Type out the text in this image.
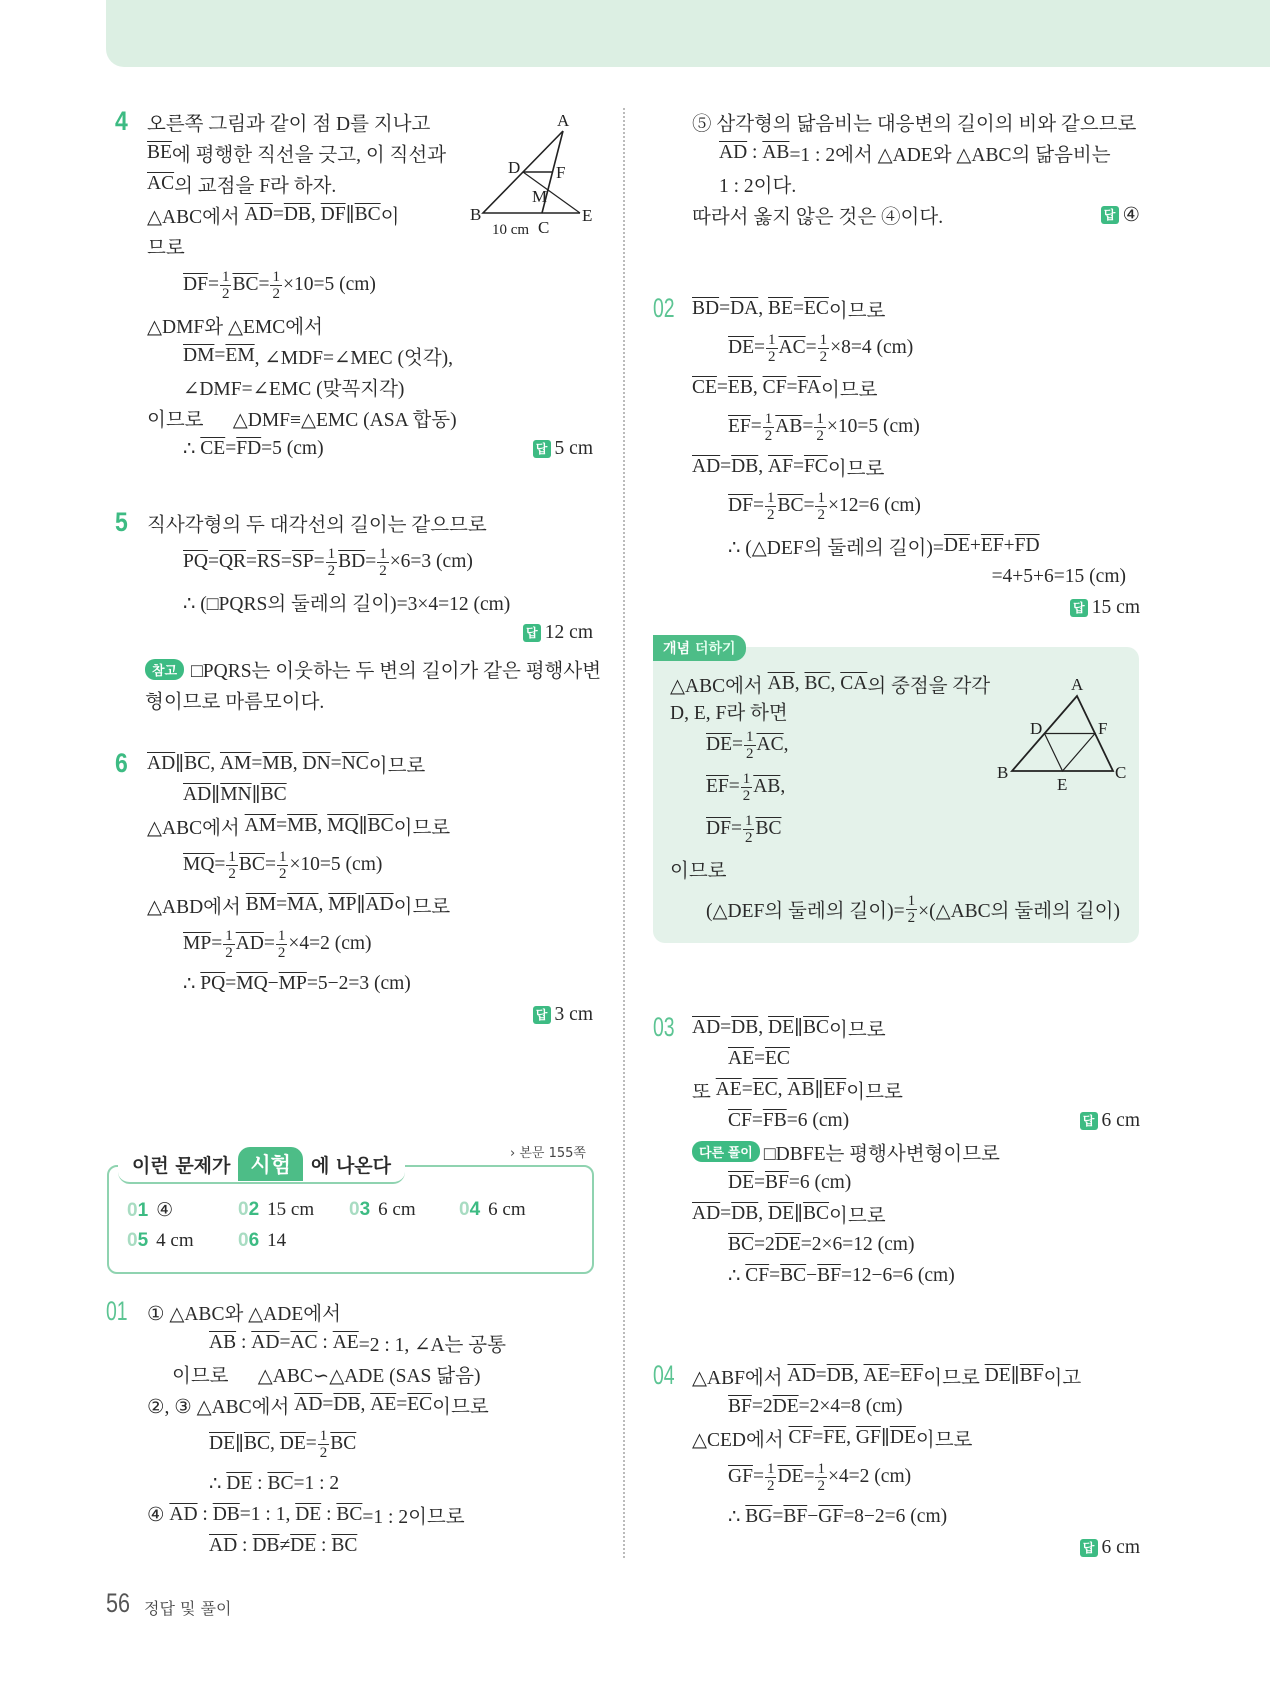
4 오른쪽 그림과 같이 점 D를 지나고
$\overline{BE}$ 에 평행한 직선을 긋고, 이 직선과
$\overline{AC}$ 의 교점을 F라 하자.
△ABC에서 $\overline{AD} = \overline{DB}$ , $\overline{DF}$ ∥ $\overline{BC}$ 이
므로
$\overline{DF} = \frac{1}{2} \overline{BC} = \frac{1}{2} \times 10=5$ (cm)
△DMF와 △EMC에서
$\overline{DM} = \overline{EM}$ , ∠MDF=∠MEC (엇각),
∠DMF=∠EMC (맞꼭지각)
이므로      △DMF≡△EMC (ASA 합동)
∴ $\overline{CE} = \overline{FD} =5$ (cm)	답 5 cm
A
B
C
D
E
F
M
10 cm
5 직사각형의 두 대각선의 길이는 같으므로
$\overline{PQ} = \overline{QR} = \overline{RS} = \overline{SP} = \frac{1}{2} \overline{BD} = \frac{1}{2} \times 6=3$ (cm)
∴ (□PQRS의 둘레의 길이)=3×4=12 (cm)
답 12 cm
참고 □PQRS는 이웃하는 두 변의 길이가 같은 평행사변
형이므로 마름모이다.
6 $\overline{AD}$ ∥ $\overline{BC}$ , $\overline{AM} = \overline{MB}$ , $\overline{DN} = \overline{NC}$ 이므로
$\overline{AD}$ ∥ $\overline{MN}$ ∥ $\overline{BC}$
△ABC에서 $\overline{AM} = \overline{MB}$ , $\overline{MQ}$ ∥ $\overline{BC}$ 이므로
$\overline{MQ} = \frac{1}{2} \overline{BC} = \frac{1}{2} \times 10=5$ (cm)
△ABD에서 $\overline{BM} = \overline{MA}$ , $\overline{MP}$ ∥ $\overline{AD}$ 이므로
$\overline{MP} = \frac{1}{2} \overline{AD} = \frac{1}{2} \times 4=2$ (cm)
∴ $\overline{PQ} = \overline{MQ} - \overline{MP} =5-2=3$ (cm)
답 3 cm
이런 문제가 시험	에 나온다
› 본문 155쪽
01 ④	02 15 cm 03 6 cm 04 6 cm
05 4 cm 06 14
01 ① △ABC와 △ADE에서
$\overline{AB}$ : $\overline{AD} = \overline{AC}$ : $\overline{AE} =2$ : 1, ∠A는 공통
이므로      △ABC∽△ADE (SAS 닮음)
②, ③ △ABC에서 $\overline{AD} = \overline{DB}$ , $\overline{AE} = \overline{EC}$ 이므로
$\overline{DE}$ ∥ $\overline{BC}$ , $\overline{DE} = \frac{1}{2} \overline{BC}$
∴ $\overline{DE}$ : $\overline{BC} =1$ : 2
④ $\overline{AD}$ : $\overline{DB} =1$ : 1, $\overline{DE}$ : $\overline{BC} =1$ : 2이므로
$\overline{AD}$ : $\overline{DB} \ne \overline{DE}$ : $\overline{BC}$
⑤ 삼각형의 닮음비는 대응변의 길이의 비와 같으므로
$\overline{AD}$ : $\overline{AB} =1$ : 2에서 △ADE와 △ABC의 닮음비는
1 : 2이다.
따라서 옳지 않은 것은 ④이다.	답 ④
02 $\overline{BD} = \overline{DA}$ , $\overline{BE} = \overline{EC}$ 이므로
$\overline{DE} = \frac{1}{2} \overline{AC} = \frac{1}{2} \times 8=4$ (cm)
$\overline{CE} = \overline{EB}$ , $\overline{CF} = \overline{FA}$ 이므로
$\overline{EF} = \frac{1}{2} \overline{AB} = \frac{1}{2} \times 10=5$ (cm)
$\overline{AD} = \overline{DB}$ , $\overline{AF} = \overline{FC}$ 이므로
$\overline{DF} = \frac{1}{2} \overline{BC} = \frac{1}{2} \times 12=6$ (cm)
∴ (△DEF의 둘레의 길이)= $\overline{DE} + \overline{EF} + \overline{FD}$
=4+5+6=15 (cm)
답 15 cm
개념 더하기
△ABC에서 $\overline{AB}$ , $\overline{BC}$ , $\overline{CA}$ 의 중점을 각각
D, E, F라 하면
$\overline{DE} = \frac{1}{2} \overline{AC}$ ,
$\overline{EF} = \frac{1}{2} \overline{AB}$ ,
$\overline{DF} = \frac{1}{2} \overline{BC}$
이므로
(△DEF의 둘레의 길이)= $\frac{1}{2}$ ×(△ABC의 둘레의 길이)
A
B	C
D
E
F
03 $\overline{AD} = \overline{DB}$ , $\overline{DE}$ ∥ $\overline{BC}$ 이므로
$\overline{AE} = \overline{EC}$
또 $\overline{AE} = \overline{EC}$ , $\overline{AB}$ ∥ $\overline{EF}$ 이므로
$\overline{CF} = \overline{FB} =6$ (cm)	답 6 cm
다른 풀이 □DBFE는 평행사변형이므로
$\overline{DE} = \overline{BF} =6$ (cm)
$\overline{AD} = \overline{DB}$ , $\overline{DE}$ ∥ $\overline{BC}$ 이므로
$\overline{BC} =2$ $\overline{DE} =2\times 6=12$ (cm)
∴ $\overline{CF} = \overline{BC} - \overline{BF} =12-6=6$ (cm)
04 △ABF에서 $\overline{AD} = \overline{DB}$ , $\overline{AE} = \overline{EF}$ 이므로 $\overline{DE}$ ∥ $\overline{BF}$ 이고
$\overline{BF} =2$ $\overline{DE} =2\times 4=8$ (cm)
△CED에서 $\overline{CF} = \overline{FE}$ , $\overline{GF}$ ∥ $\overline{DE}$ 이므로
$\overline{GF} = \frac{1}{2} \overline{DE} = \frac{1}{2} \times 4=2$ (cm)
∴ $\overline{BG} = \overline{BF} - \overline{GF} =8-2=6$ (cm)
답 6 cm
56 정답 및 풀이
